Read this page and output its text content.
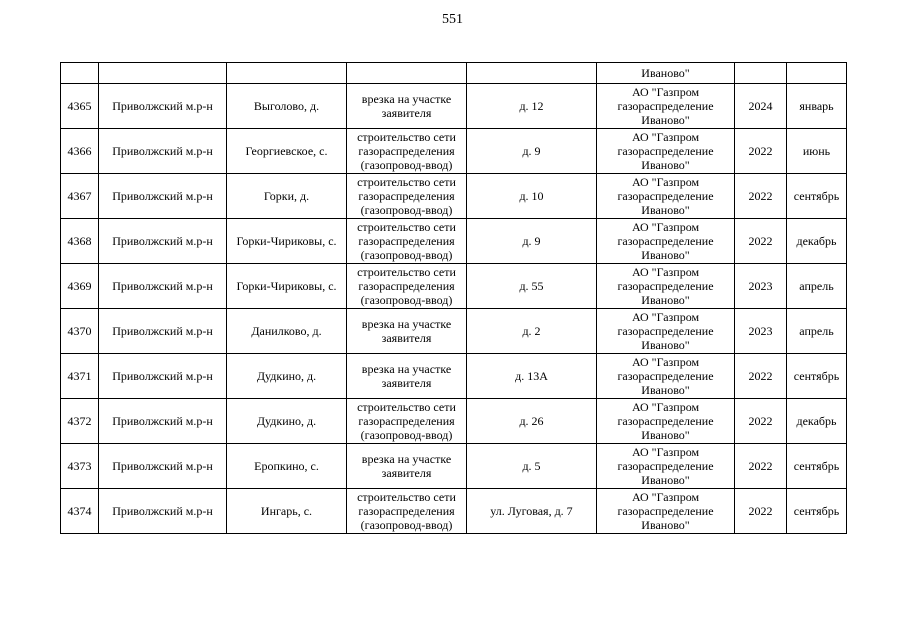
551
					Иваново"		
4365	Приволжский м.р-н	Выголово, д.	врезка на участке заявителя	д. 12	АО "Газпром газораспределение Иваново"	2024	январь
4366	Приволжский м.р-н	Георгиевское, с.	строительство сети газораспределения (газопровод-ввод)	д. 9	АО "Газпром газораспределение Иваново"	2022	июнь
4367	Приволжский м.р-н	Горки, д.	строительство сети газораспределения (газопровод-ввод)	д. 10	АО "Газпром газораспределение Иваново"	2022	сентябрь
4368	Приволжский м.р-н	Горки-Чириковы, с.	строительство сети газораспределения (газопровод-ввод)	д. 9	АО "Газпром газораспределение Иваново"	2022	декабрь
4369	Приволжский м.р-н	Горки-Чириковы, с.	строительство сети газораспределения (газопровод-ввод)	д. 55	АО "Газпром газораспределение Иваново"	2023	апрель
4370	Приволжский м.р-н	Данилково, д.	врезка на участке заявителя	д. 2	АО "Газпром газораспределение Иваново"	2023	апрель
4371	Приволжский м.р-н	Дудкино, д.	врезка на участке заявителя	д. 13А	АО "Газпром газораспределение Иваново"	2022	сентябрь
4372	Приволжский м.р-н	Дудкино, д.	строительство сети газораспределения (газопровод-ввод)	д. 26	АО "Газпром газораспределение Иваново"	2022	декабрь
4373	Приволжский м.р-н	Еропкино, с.	врезка на участке заявителя	д. 5	АО "Газпром газораспределение Иваново"	2022	сентябрь
4374	Приволжский м.р-н	Ингарь, с.	строительство сети газораспределения (газопровод-ввод)	ул. Луговая, д. 7	АО "Газпром газораспределение Иваново"	2022	сентябрь
